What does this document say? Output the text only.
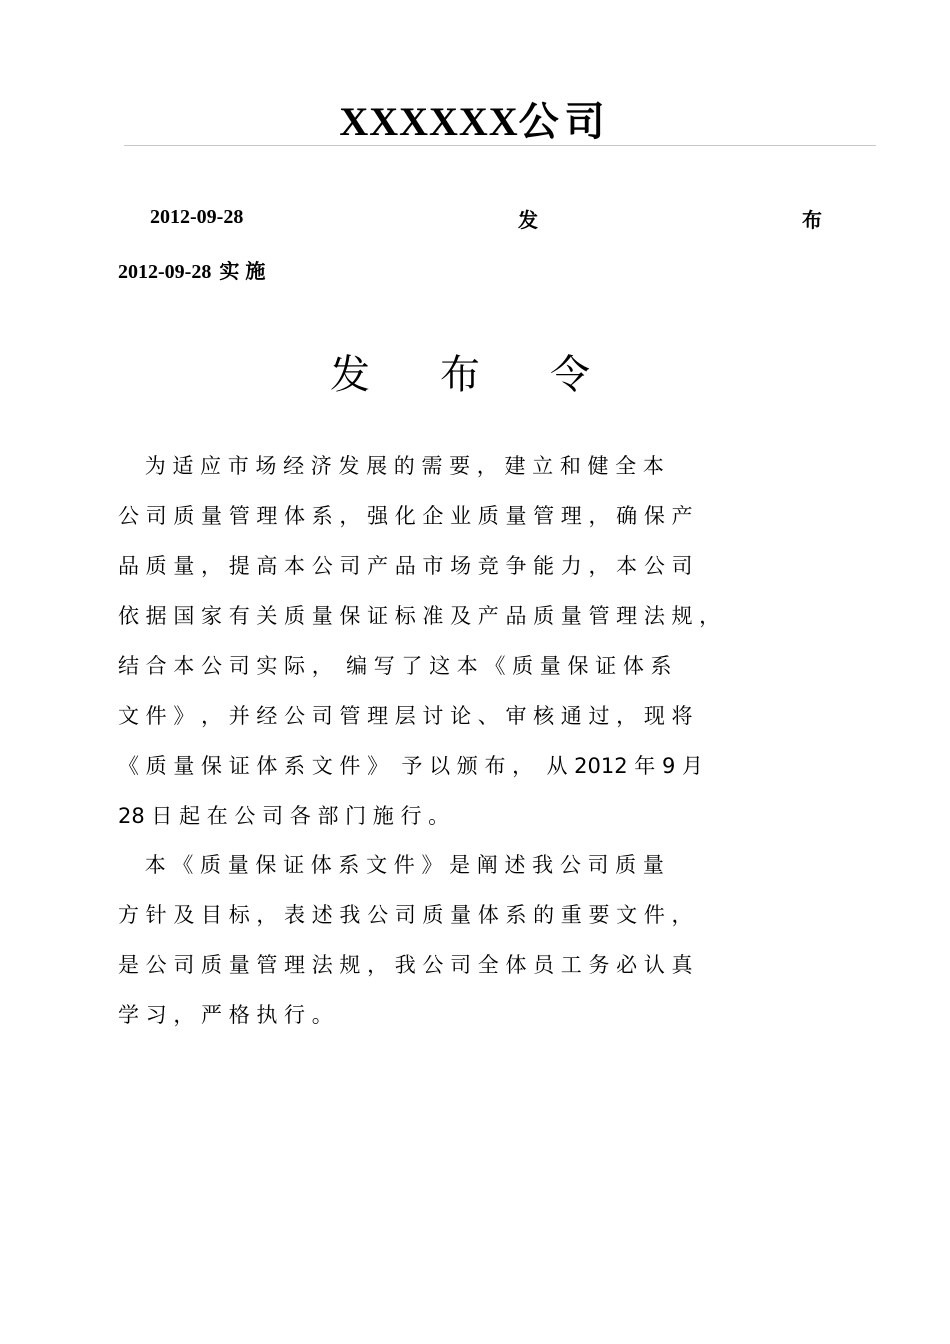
XXXXXX公司
2012-09-28	发	布
2012-09-28 实施
发布令
为 适 应 市 场 经 济 发 展 的 需 要 ， 建 立 和 健 全 本
公 司 质 量 管 理 体 系 ， 强 化 企 业 质 量 管 理 ， 确 保 产
品 质 量 ， 提 高 本 公 司 产 品 市 场 竞 争 能 力 ， 本 公 司
依 据 国 家 有 关 质 量 保 证 标 准 及 产 品 质 量 管 理 法 规 ，
结 合 本 公 司 实 际 ，  编 写 了 这 本 《 质 量 保 证 体 系
文 件 》 ， 并 经 公 司 管 理 层 讨 论 、 审 核 通 过 ， 现 将
《 质 量 保 证 体 系 文 件 》  予 以 颁 布 ，  从 2012 年 9 月
28 日 起 在 公 司 各 部 门 施 行 。
本 《 质 量 保 证 体 系 文 件 》 是 阐 述 我 公 司 质 量
方 针 及 目 标 ， 表 述 我 公 司 质 量 体 系 的 重 要 文 件 ，
是 公 司 质 量 管 理 法 规 ， 我 公 司 全 体 员 工 务 必 认 真
学 习 ， 严 格 执 行 。
